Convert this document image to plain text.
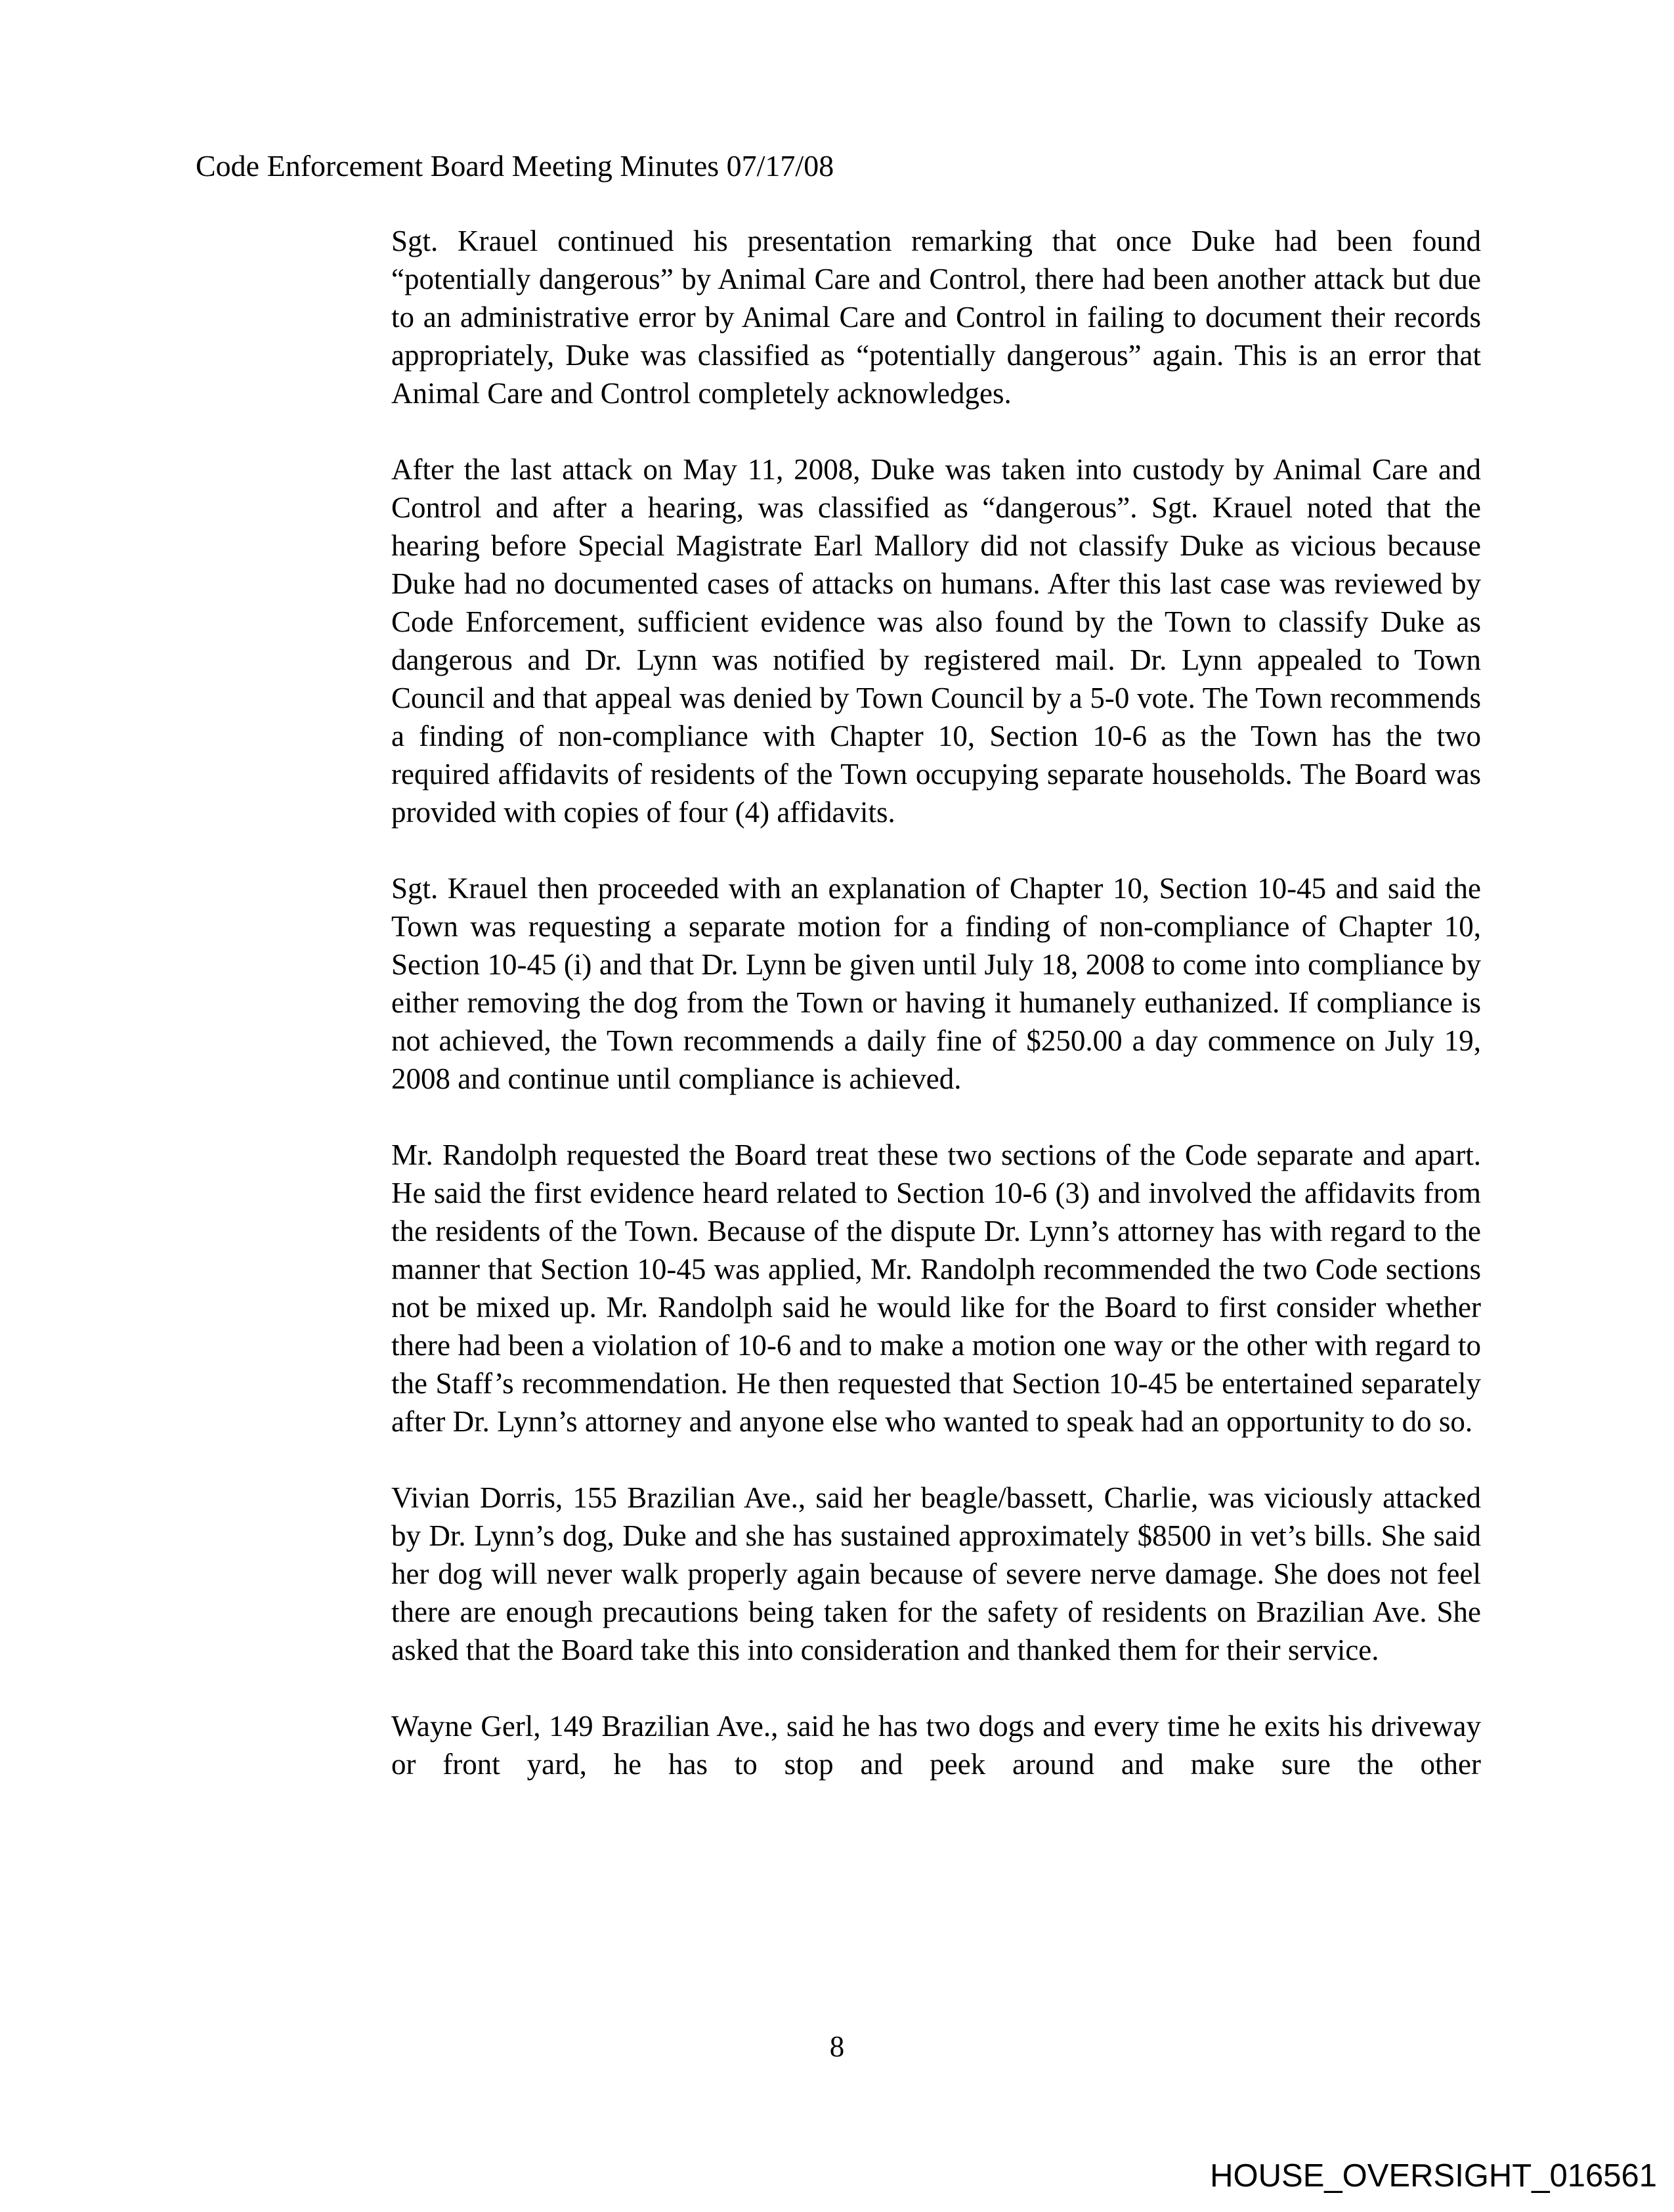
Code Enforcement Board Meeting Minutes 07/17/08

Sgt. Krauel continued his presentation remarking that once Duke had been found “potentially dangerous” by Animal Care and Control, there had been another attack but due to an administrative error by Animal Care and Control in failing to document their records appropriately, Duke was classified as “potentially dangerous” again. This is an error that Animal Care and Control completely acknowledges.

After the last attack on May 11, 2008, Duke was taken into custody by Animal Care and Control and after a hearing, was classified as “dangerous”. Sgt. Krauel noted that the hearing before Special Magistrate Earl Mallory did not classify Duke as vicious because Duke had no documented cases of attacks on humans. After this last case was reviewed by Code Enforcement, sufficient evidence was also found by the Town to classify Duke as dangerous and Dr. Lynn was notified by registered mail. Dr. Lynn appealed to Town Council and that appeal was denied by Town Council by a 5-0 vote. The Town recommends a finding of non-compliance with Chapter 10, Section 10-6 as the Town has the two required affidavits of residents of the Town occupying separate households. The Board was provided with copies of four (4) affidavits.

Sgt. Krauel then proceeded with an explanation of Chapter 10, Section 10-45 and said the Town was requesting a separate motion for a finding of non-compliance of Chapter 10, Section 10-45 (i) and that Dr. Lynn be given until July 18, 2008 to come into compliance by either removing the dog from the Town or having it humanely euthanized. If compliance is not achieved, the Town recommends a daily fine of $250.00 a day commence on July 19, 2008 and continue until compliance is achieved.

Mr. Randolph requested the Board treat these two sections of the Code separate and apart. He said the first evidence heard related to Section 10-6 (3) and involved the affidavits from the residents of the Town. Because of the dispute Dr. Lynn’s attorney has with regard to the manner that Section 10-45 was applied, Mr. Randolph recommended the two Code sections not be mixed up. Mr. Randolph said he would like for the Board to first consider whether there had been a violation of 10-6 and to make a motion one way or the other with regard to the Staff’s recommendation. He then requested that Section 10-45 be entertained separately after Dr. Lynn’s attorney and anyone else who wanted to speak had an opportunity to do so.

Vivian Dorris, 155 Brazilian Ave., said her beagle/bassett, Charlie, was viciously attacked by Dr. Lynn’s dog, Duke and she has sustained approximately $8500 in vet’s bills. She said her dog will never walk properly again because of severe nerve damage. She does not feel there are enough precautions being taken for the safety of residents on Brazilian Ave. She asked that the Board take this into consideration and thanked them for their service.

Wayne Gerl, 149 Brazilian Ave., said he has two dogs and every time he exits his driveway or front yard, he has to stop and peek around and make sure the other

8
HOUSE_OVERSIGHT_016561
